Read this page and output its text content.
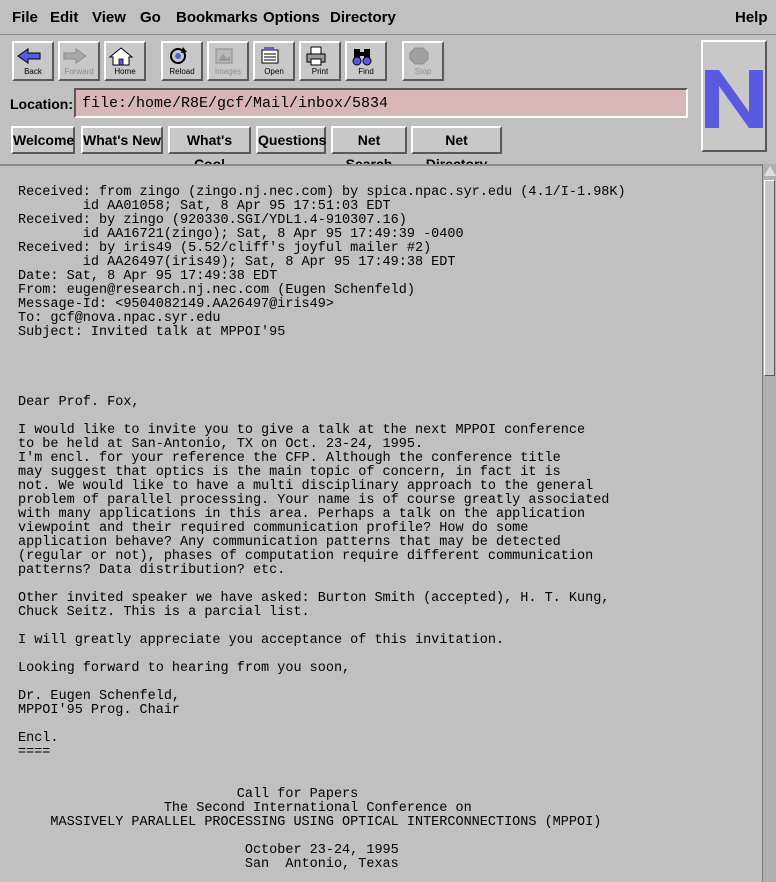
File Edit View Go Bookmarks Options Directory	Help
Back	Forward	Home	Reload	Images	Open	Print	Find	Stop
Location: file:/home/R8E/gcf/Mail/inbox/5834
Welcome What's New	What's	Questions	Net	Net
Received: from zingo (zingo.nj.nec.com) by spica.npac.syr.edu (4.1/I-1.98K)
id AA01058; Sat, 8 Apr 95 17:51:03 EDT
Received: by zingo (920330.SGI/YDL1.4-910307.16)
id AA16721(zingo); Sat, 8 Apr 95 17:49:39 -0400
Received: by iris49 (5.52/cliff's joyful mailer #2)
id AA26497(iris49); Sat, 8 Apr 95 17:49:38 EDT
Date: Sat, 8 Apr 95 17:49:38 EDT
From: eugen@research.nj.nec.com (Eugen Schenfeld)
Message-Id: <9504082149.AA26497@iris49>
To: gcf@nova.npac.syr.edu
Subject: Invited talk at MPPOI'95

Dear Prof. Fox,

I would like to invite you to give a talk at the next MPPOI conference
to be held at San-Antonio, TX on Oct. 23-24, 1995.
I'm encl. for your reference the CFP. Although the conference title
may suggest that optics is the main topic of concern, in fact it is
not. We would like to have a multi disciplinary approach to the general
problem of parallel processing. Your name is of course greatly associated
with many applications in this area. Perhaps a talk on the application
viewpoint and their required communication profile? How do some
application behave? Any communication patterns that may be detected
(regular or not), phases of computation require different communication
patterns? Data distribution? etc.

Other invited speaker we have asked: Burton Smith (accepted), H. T. Kung,
Chuck Seitz. This is a parcial list.

I will greatly appreciate you acceptance of this invitation.

Looking forward to hearing from you soon,

Dr. Eugen Schenfeld,
MPPOI'95 Prog. Chair

Encl.
====

Call for Papers
The Second International Conference on
MASSIVELY PARALLEL PROCESSING USING OPTICAL INTERCONNECTIONS (MPPOI)

October 23-24, 1995
San  Antonio, Texas
